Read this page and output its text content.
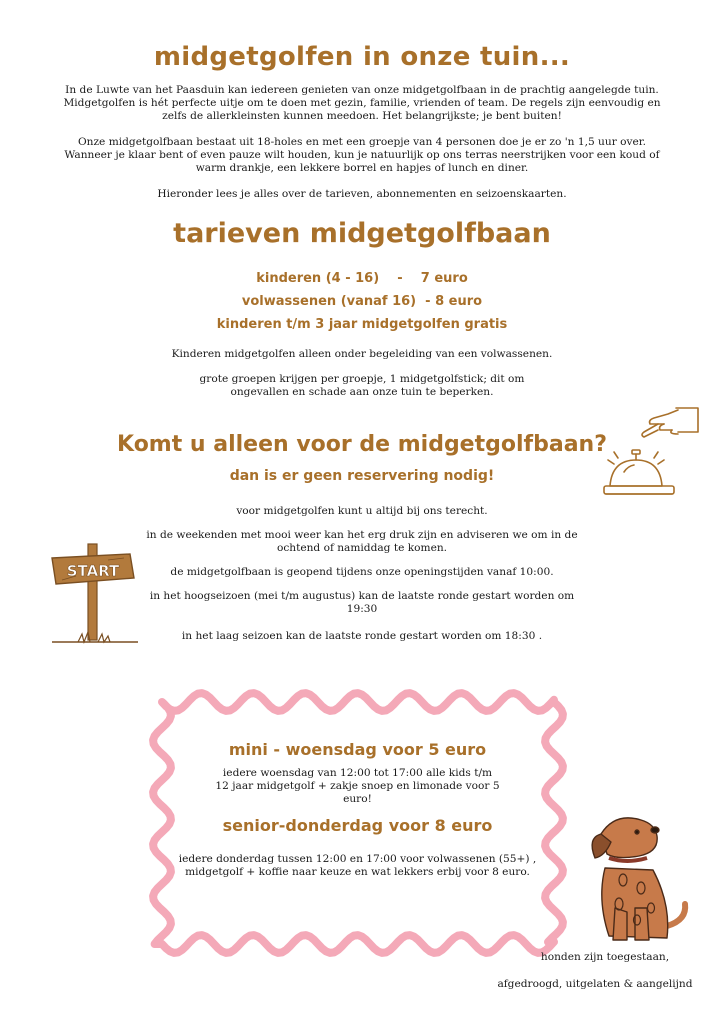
midgetgolfen in onze tuin...

In de Luwte van het Paasduin kan iedereen genieten van onze midgetgolfbaan in de prachtig aangelegde tuin. Midgetgolfen is hét perfecte uitje om te doen met gezin, familie, vrienden of team. De regels zijn eenvoudig en zelfs de allerkleinsten kunnen meedoen. Het belangrijkste; je bent buiten!

Onze midgetgolfbaan bestaat uit 18-holes en met een groepje van 4 personen doe je er zo 'n 1,5 uur over. Wanneer je klaar bent of even pauze wilt houden, kun je natuurlijk op ons terras neerstrijken voor een koud of warm drankje, een lekkere borrel en hapjes of lunch en diner.

Hieronder lees je alles over de tarieven, abonnementen en seizoenskaarten.

tarieven midgetgolfbaan
kinderen (4 - 16)    -    7 euro
volwassenen (vanaf 16)  - 8 euro
kinderen t/m 3 jaar midgetgolfen gratis

Kinderen midgetgolfen alleen onder begeleiding van een volwassenen.

grote groepen krijgen per groepje, 1 midgetgolfstick; dit om ongevallen en schade aan onze tuin te beperken.

Komt u alleen voor de midgetgolfbaan?
dan is er geen reservering nodig!

voor midgetgolfen kunt u altijd bij ons terecht.

in de weekenden met mooi weer kan het erg druk zijn en adviseren we om in de ochtend of namiddag te komen.

de midgetgolfbaan is geopend tijdens onze openingstijden vanaf 10:00.

in het hoogseizoen (mei t/m augustus) kan de laatste ronde gestart worden om 19:30

in het laag seizoen kan de laatste ronde gestart worden om 18:30 .

START

mini - woensdag voor 5 euro

iedere woensdag van 12:00 tot 17:00 alle kids t/m 12 jaar midgetgolf + zakje snoep en limonade voor 5 euro!

senior-donderdag voor 8 euro

iedere donderdag tussen 12:00 en 17:00 voor volwassenen (55+) , midgetgolf + koffie naar keuze en wat lekkers erbij voor 8 euro.

honden zijn toegestaan,
afgedroogd, uitgelaten & aangelijnd
